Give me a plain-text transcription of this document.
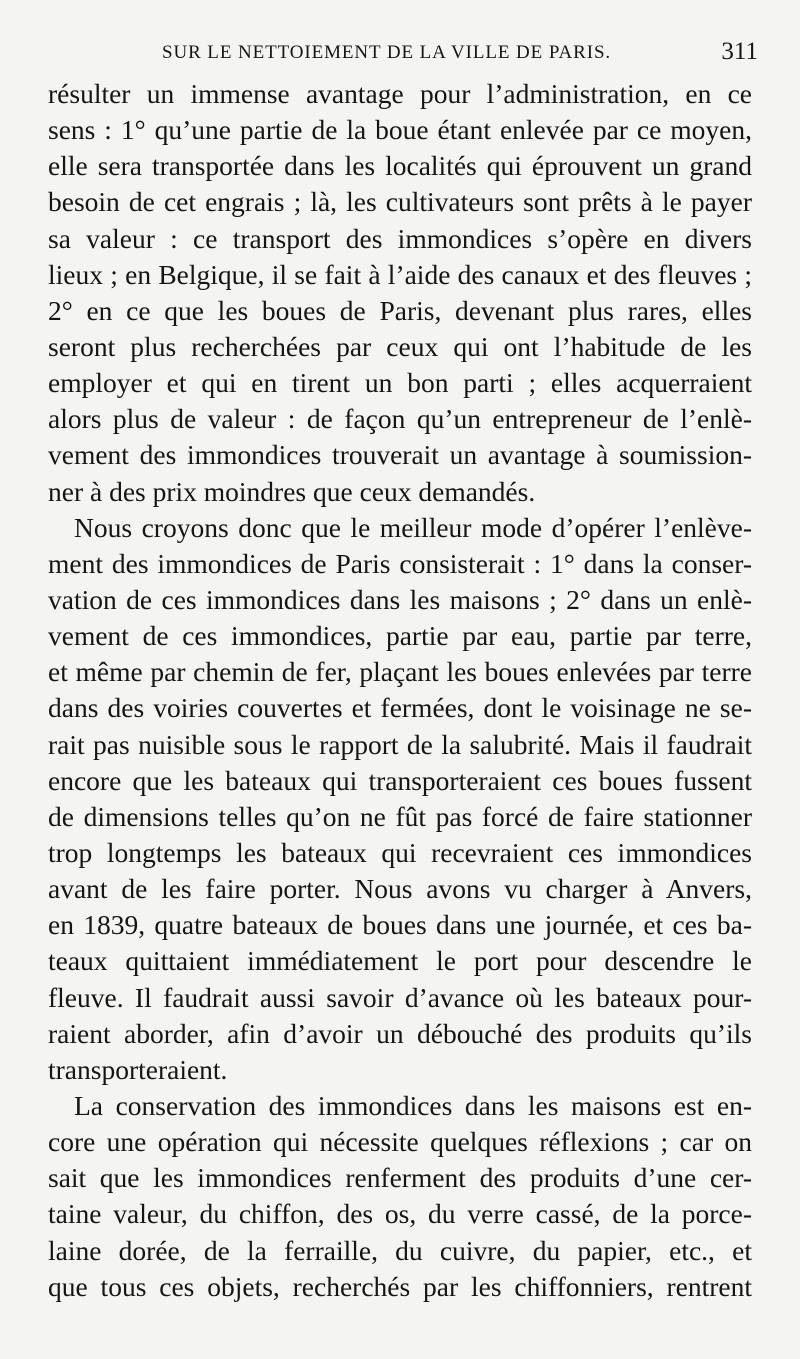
SUR LE NETTOIEMENT DE LA VILLE DE PARIS.	311
résulter un immense avantage pour l’administration, en ce
sens : 1° qu’une partie de la boue étant enlevée par ce moyen,
elle sera transportée dans les localités qui éprouvent un grand
besoin de cet engrais ; là, les cultivateurs sont prêts à le payer
sa valeur : ce transport des immondices s’opère en divers
lieux ; en Belgique, il se fait à l’aide des canaux et des fleuves ;
2° en ce que les boues de Paris, devenant plus rares, elles
seront plus recherchées par ceux qui ont l’habitude de les
employer et qui en tirent un bon parti ; elles acquerraient
alors plus de valeur : de façon qu’un entrepreneur de l’enlè-
vement des immondices trouverait un avantage à soumission-
ner à des prix moindres que ceux demandés.
Nous croyons donc que le meilleur mode d’opérer l’enlève-
ment des immondices de Paris consisterait : 1° dans la conser-
vation de ces immondices dans les maisons ; 2° dans un enlè-
vement de ces immondices, partie par eau, partie par terre,
et même par chemin de fer, plaçant les boues enlevées par terre
dans des voiries couvertes et fermées, dont le voisinage ne se-
rait pas nuisible sous le rapport de la salubrité. Mais il faudrait
encore que les bateaux qui transporteraient ces boues fussent
de dimensions telles qu’on ne fût pas forcé de faire stationner
trop longtemps les bateaux qui recevraient ces immondices
avant de les faire porter. Nous avons vu charger à Anvers,
en 1839, quatre bateaux de boues dans une journée, et ces ba-
teaux quittaient immédiatement le port pour descendre le
fleuve. Il faudrait aussi savoir d’avance où les bateaux pour-
raient aborder, afin d’avoir un débouché des produits qu’ils
transporteraient.
La conservation des immondices dans les maisons est en-
core une opération qui nécessite quelques réflexions ; car on
sait que les immondices renferment des produits d’une cer-
taine valeur, du chiffon, des os, du verre cassé, de la porce-
laine dorée, de la ferraille, du cuivre, du papier, etc., et
que tous ces objets, recherchés par les chiffonniers, rentrent
